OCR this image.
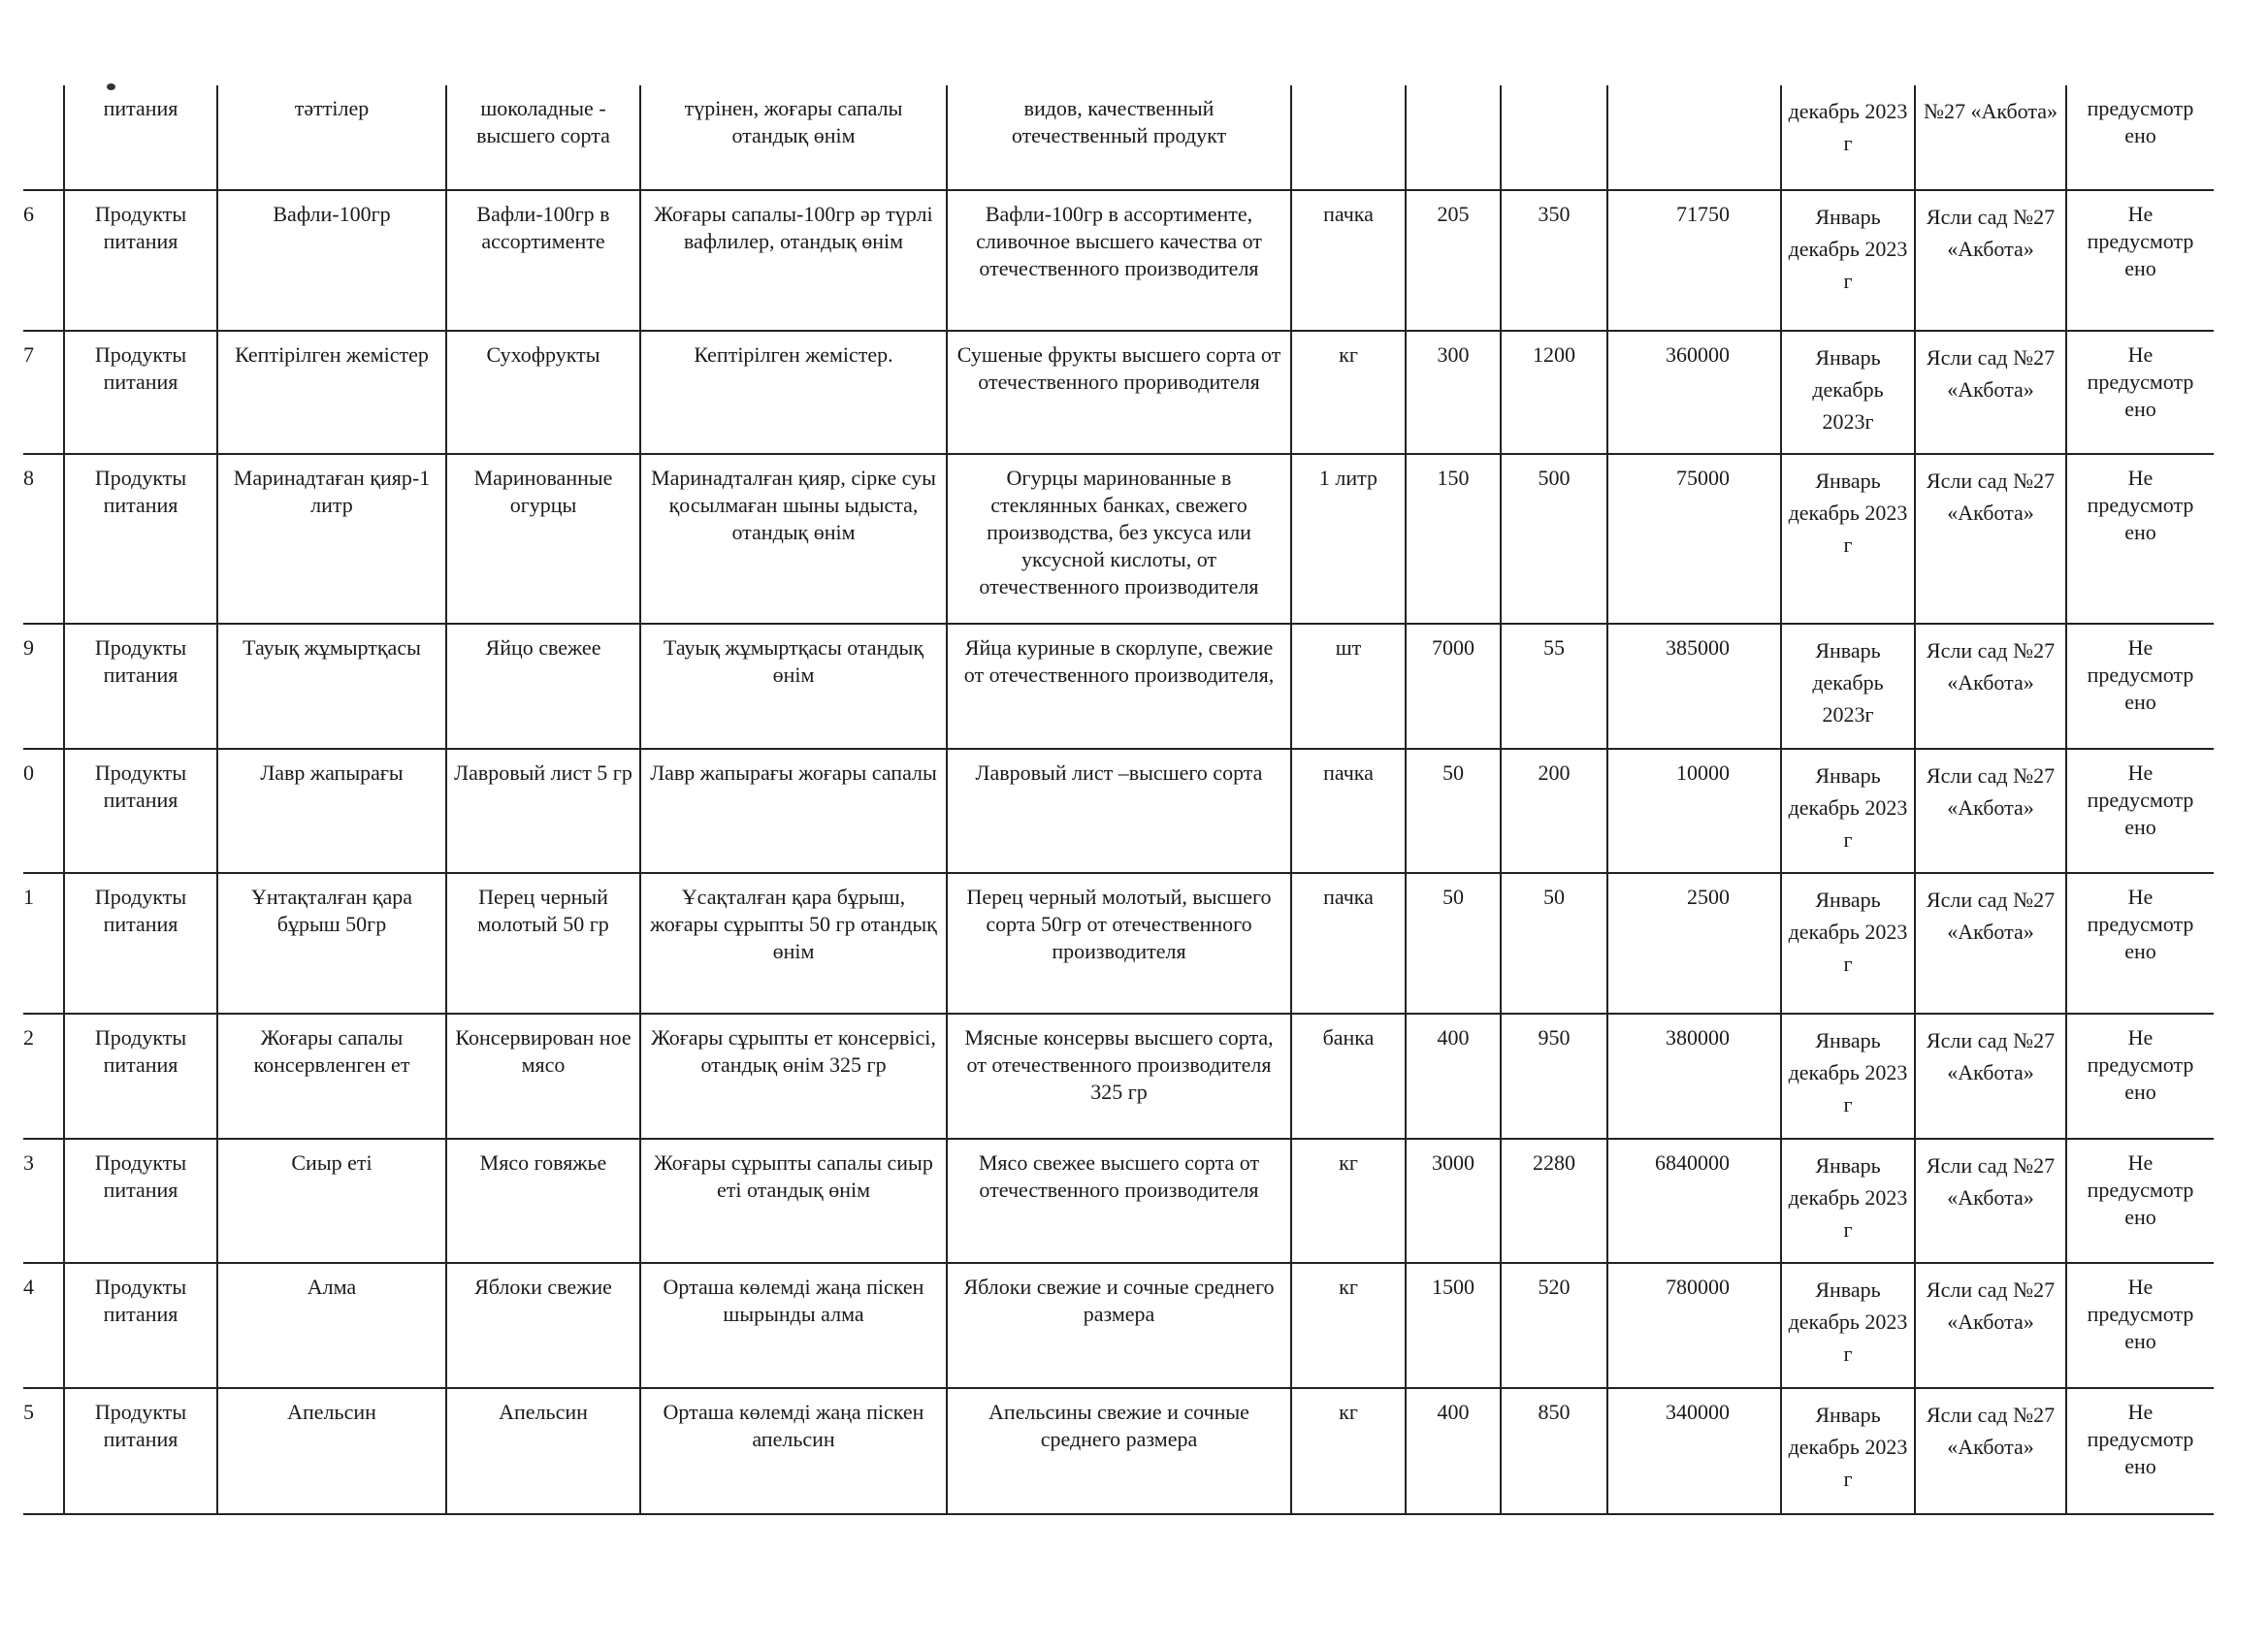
	питания	тәттілер	шоколадные - высшего сорта	түрінен, жоғары сапалы отандық өнім	видов, качественный отечественный продукт					декабрь 2023 г	№27 «Акбота»	предусмотр ено
6	Продукты питания	Вафли-100гр	Вафли-100гр в ассортименте	Жоғары сапалы-100гр әр түрлі вафлилер, отандық өнім	Вафли-100гр в ассортименте, сливочное высшего качества от отечественного производителя	пачка	205	350	71750	Январь декабрь 2023 г	Ясли сад №27 «Акбота»	Не предусмотр ено
7	Продукты питания	Кептірілген жемістер	Сухофрукты	Кептірілген жемістер.	Сушеные фрукты высшего сорта от отечественного прориводителя	кг	300	1200	360000	Январь декабрь 2023г	Ясли сад №27 «Акбота»	Не предусмотр ено
8	Продукты питания	Маринадтаған қияр-1 литр	Маринованные огурцы	Маринадталған қияр, сірке суы қосылмаған шыны ыдыста, отандық өнім	Огурцы маринованные в стеклянных банках, свежего производства, без уксуса или уксусной кислоты, от отечественного производителя	1 литр	150	500	75000	Январь декабрь 2023 г	Ясли сад №27 «Акбота»	Не предусмотр ено
9	Продукты питания	Тауық жұмыртқасы	Яйцо свежее	Тауық жұмыртқасы отандық өнім	Яйца куриные в скорлупе, свежие от отечественного производителя,	шт	7000	55	385000	Январь декабрь 2023г	Ясли сад №27 «Акбота»	Не предусмотр ено
0	Продукты питания	Лавр жапырағы	Лавровый лист 5 гр	Лавр жапырағы жоғары сапалы	Лавровый лист –высшего сорта	пачка	50	200	10000	Январь декабрь 2023 г	Ясли сад №27 «Акбота»	Не предусмотр ено
1	Продукты питания	Ұнтақталған қара бұрыш 50гр	Перец черный молотый 50 гр	Ұсақталған қара бұрыш, жоғары сұрыпты 50 гр отандық өнім	Перец черный молотый, высшего сорта 50гр от отечественного производителя	пачка	50	50	2500	Январь декабрь 2023 г	Ясли сад №27 «Акбота»	Не предусмотр ено
2	Продукты питания	Жоғары сапалы консервленген ет	Консервирован ное мясо	Жоғары сұрыпты ет консервісі, отандық өнім 325 гр	Мясные консервы высшего сорта, от отечественного производителя 325 гр	банка	400	950	380000	Январь декабрь 2023 г	Ясли сад №27 «Акбота»	Не предусмотр ено
3	Продукты питания	Сиыр еті	Мясо говяжье	Жоғары сұрыпты сапалы сиыр еті отандық өнім	Мясо свежее высшего сорта от отечественного производителя	кг	3000	2280	6840000	Январь декабрь 2023 г	Ясли сад №27 «Акбота»	Не предусмотр ено
4	Продукты питания	Алма	Яблоки свежие	Орташа көлемді жаңа піскен шырынды алма	Яблоки свежие и сочные среднего размера	кг	1500	520	780000	Январь декабрь 2023 г	Ясли сад №27 «Акбота»	Не предусмотр ено
5	Продукты питания	Апельсин	Апельсин	Орташа көлемді жаңа піскен апельсин	Апельсины свежие и сочные среднего размера	кг	400	850	340000	Январь декабрь 2023 г	Ясли сад №27 «Акбота»	Не предусмотр ено
